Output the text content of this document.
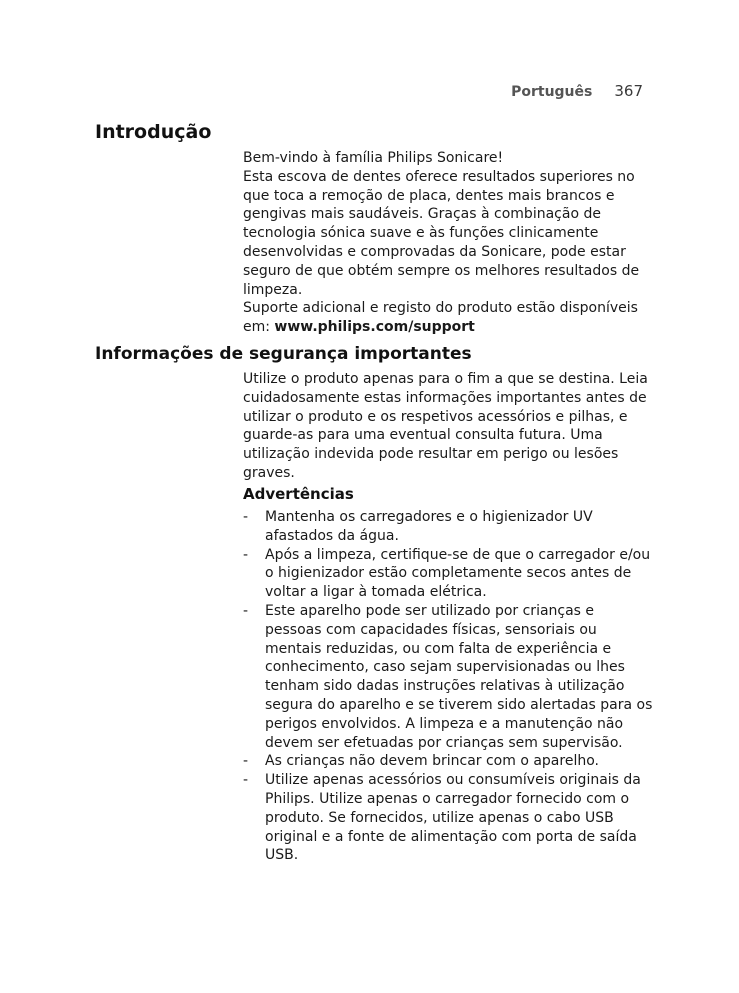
Português 367
Introdução

Bem-vindo à família Philips Sonicare!

Esta escova de dentes oferece resultados superiores no que toca a remoção de placa, dentes mais brancos e gengivas mais saudáveis. Graças à combinação de tecnologia sónica suave e às funções clinicamente desenvolvidas e comprovadas da Sonicare, pode estar seguro de que obtém sempre os melhores resultados de limpeza.

Suporte adicional e registo do produto estão disponíveis em: www.philips.com/support

Informações de segurança importantes

Utilize o produto apenas para o fim a que se destina. Leia cuidadosamente estas informações importantes antes de utilizar o produto e os respetivos acessórios e pilhas, e guarde-as para uma eventual consulta futura. Uma utilização indevida pode resultar em perigo ou lesões graves.

Advertências
- Mantenha os carregadores e o higienizador UV afastados da água.
- Após a limpeza, certifique-se de que o carregador e/ou o higienizador estão completamente secos antes de voltar a ligar à tomada elétrica.
- Este aparelho pode ser utilizado por crianças e pessoas com capacidades físicas, sensoriais ou mentais reduzidas, ou com falta de experiência e conhecimento, caso sejam supervisionadas ou lhes tenham sido dadas instruções relativas à utilização segura do aparelho e se tiverem sido alertadas para os perigos envolvidos. A limpeza e a manutenção não devem ser efetuadas por crianças sem supervisão.
- As crianças não devem brincar com o aparelho.
- Utilize apenas acessórios ou consumíveis originais da Philips. Utilize apenas o carregador fornecido com o produto. Se fornecidos, utilize apenas o cabo USB original e a fonte de alimentação com porta de saída USB.
